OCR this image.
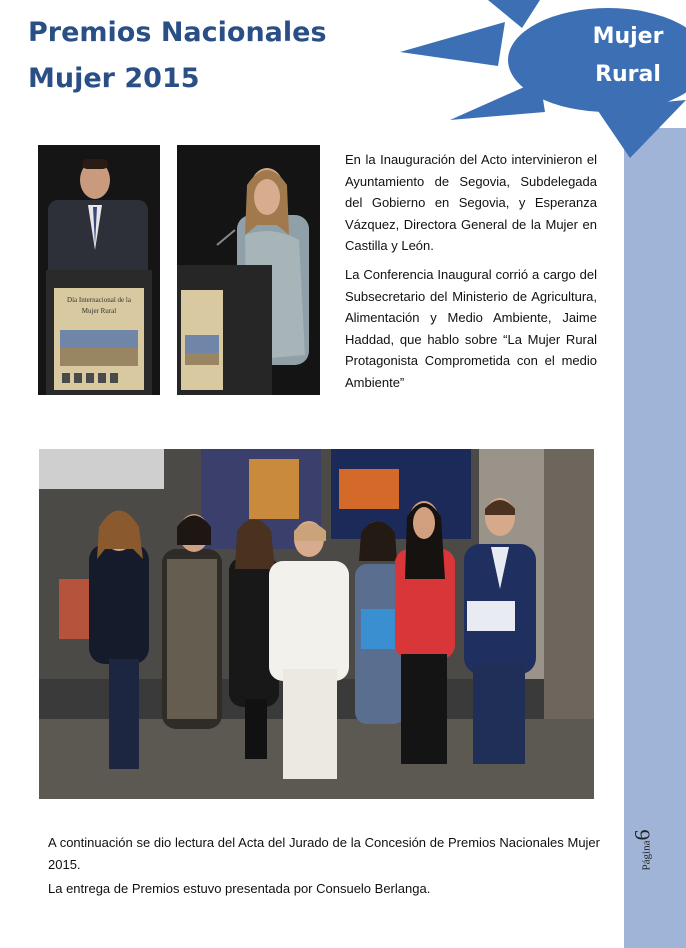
Premios Nacionales
Mujer 2015
Mujer
Rural
Día Internacional de la
Mujer Rural

En la Inauguración del Acto intervinieron el Ayuntamiento de Segovia, Subdelegada del Gobierno en Segovia, y Esperanza Vázquez, Directora General de la Mujer en Castilla y León.

La Conferencia Inaugural corrió a cargo del Subsecretario del Ministerio de Agricultura, Alimentación y Medio Ambiente, Jaime Haddad, que hablo sobre “La Mujer Rural Protagonista Comprometida con el medio Ambiente”

A continuación se dio lectura del Acta del Jurado de la Concesión de Premios Nacionales Mujer 2015.

La entrega de Premios estuvo presentada por Consuelo Berlanga.

Página6
